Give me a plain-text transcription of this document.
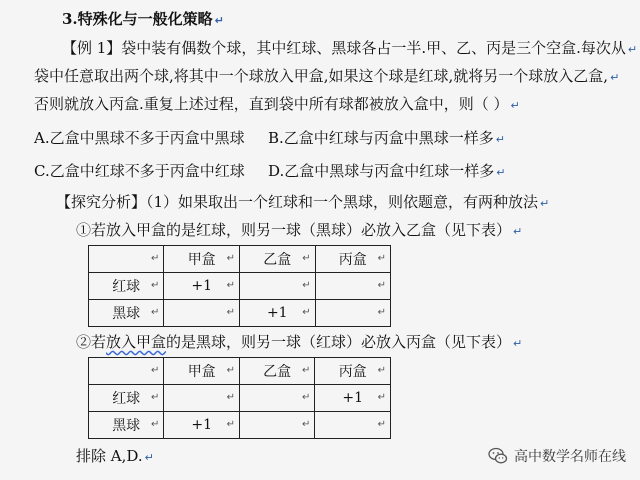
3.特殊化与一般化策略 ↵
【例 1】袋中装有偶数个球，其中红球、黑球各占一半.甲、乙、丙是三个空盒.每次从 ↵
袋中任意取出两个球,将其中一个球放入甲盒,如果这个球是红球,就将另一个球放入乙盒, ↵
否则就放入丙盒.重复上述过程，直到袋中所有球都被放入盒中，则（ ） ↵
A.乙盒中黑球不多于丙盒中黑球 B.乙盒中红球与丙盒中黑球一样多 ↵
C.乙盒中红球不多于丙盒中红球 D.乙盒中黑球与丙盒中红球一样多 ↵
【探究分析】（1）如果取出一个红球和一个黑球，则依题意，有两种放法 ↵
①若放入甲盒的是红球，则另一球（黑球）必放入乙盒（见下表） ↵
↵	甲盒 ↵	乙盒 ↵	丙盒 ↵

红球 ↵	+1 ↵	↵	↵

黑球 ↵	↵	+1 ↵	↵
②若放入甲盒的是黑球，则另一球（红球）必放入丙盒（见下表） ↵
↵	甲盒 ↵	乙盒 ↵	丙盒 ↵

红球 ↵	↵	↵	+1 ↵

黑球 ↵	+1 ↵	↵	↵
排除 A,D. ↵	高中数学名师在线
